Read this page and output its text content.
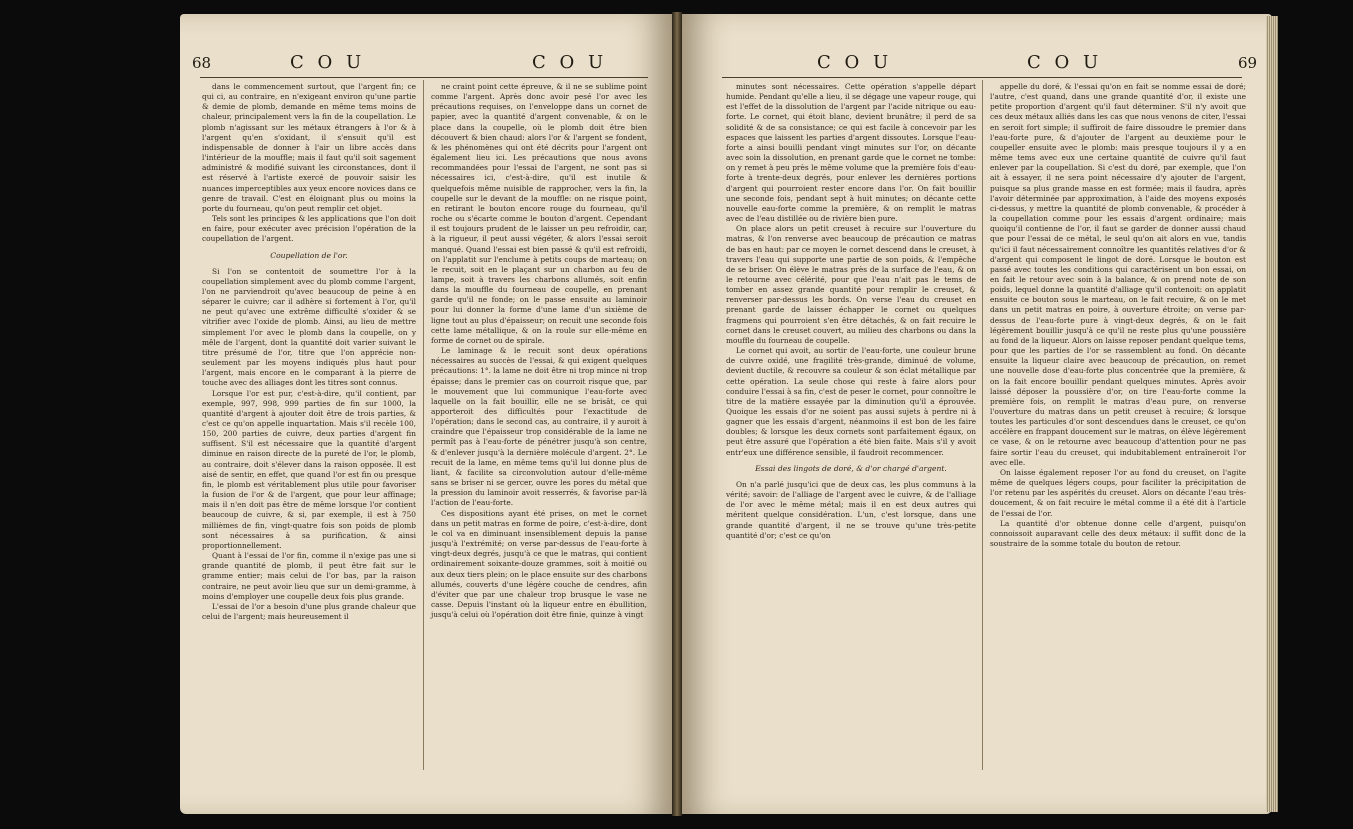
68	C O U	C O U

dans le commencement surtout, que l'argent fin; ce qui ci, au contraire, en n'exigeant environ qu'une partie & demie de plomb, demande en même tems moins de chaleur, principalement vers la fin de la coupellation. Le plomb n'agissant sur les métaux étrangers à l'or & à l'argent qu'en s'oxidant, il s'ensuit qu'il est indispensable de donner à l'air un libre accès dans l'intérieur de la mouffle; mais il faut qu'il soit sagement administré & modifié suivant les circonstances, dont il est réservé à l'artiste exercé de pouvoir saisir les nuances imperceptibles aux yeux encore novices dans ce genre de travail. C'est en éloignant plus ou moins la porte du fourneau, qu'on peut remplir cet objet.

Tels sont les principes & les applications que l'on doit en faire, pour exécuter avec précision l'opération de la coupellation de l'argent.

Coupellation de l'or.

Si l'on se contentoit de soumettre l'or à la coupellation simplement avec du plomb comme l'argent, l'on ne parviendroit qu'avec beaucoup de peine à en séparer le cuivre; car il adhère si fortement à l'or, qu'il ne peut qu'avec une extrême difficulté s'oxider & se vitrifier avec l'oxide de plomb. Ainsi, au lieu de mettre simplement l'or avec le plomb dans la coupelle, on y mêle de l'argent, dont la quantité doit varier suivant le titre présumé de l'or, titre que l'on apprécie non-seulement par les moyens indiqués plus haut pour l'argent, mais encore en le comparant à la pierre de touche avec des alliages dont les titres sont connus.

Lorsque l'or est pur, c'est-à-dire, qu'il contient, par exemple, 997, 998, 999 parties de fin sur 1000, la quantité d'argent à ajouter doit être de trois parties, & c'est ce qu'on appelle inquartation. Mais s'il recèle 100, 150, 200 parties de cuivre, deux parties d'argent fin suffisent. S'il est nécessaire que la quantité d'argent diminue en raison directe de la pureté de l'or, le plomb, au contraire, doit s'élever dans la raison opposée. Il est aisé de sentir, en effet, que quand l'or est fin ou presque fin, le plomb est véritablement plus utile pour favoriser la fusion de l'or & de l'argent, que pour leur affinage; mais il n'en doit pas être de même lorsque l'or contient beaucoup de cuivre, & si, par exemple, il est à 750 millièmes de fin, vingt-quatre fois son poids de plomb sont nécessaires à sa purification, & ainsi proportionnellement.

Quant à l'essai de l'or fin, comme il n'exige pas une si grande quantité de plomb, il peut être fait sur le gramme entier; mais celui de l'or bas, par la raison contraire, ne peut avoir lieu que sur un demi-gramme, à moins d'employer une coupelle deux fois plus grande.

L'essai de l'or a besoin d'une plus grande chaleur que celui de l'argent; mais heureusement il

ne craint point cette épreuve, & il ne se sublime point comme l'argent. Après donc avoir pesé l'or avec les précautions requises, on l'enveloppe dans un cornet de papier, avec la quantité d'argent convenable, & on le place dans la coupelle, où le plomb doit être bien découvert & bien chaud: alors l'or & l'argent se fondent, & les phénomènes qui ont été décrits pour l'argent ont également lieu ici. Les précautions que nous avons recommandées pour l'essai de l'argent, ne sont pas si nécessaires ici, c'est-à-dire, qu'il est inutile & quelquefois même nuisible de rapprocher, vers la fin, la coupelle sur le devant de la mouffle: on ne risque point, en retirant le bouton encore rouge du fourneau, qu'il roche ou s'écarte comme le bouton d'argent. Cependant il est toujours prudent de le laisser un peu refroidir, car, à la rigueur, il peut aussi végéter, & alors l'essai seroit manqué. Quand l'essai est bien passé & qu'il est refroidi, on l'applatit sur l'enclume à petits coups de marteau; on le recuit, soit en le plaçant sur un charbon au feu de lampe, soit à travers les charbons allumés, soit enfin dans la mouffle du fourneau de coupelle, en prenant garde qu'il ne fonde; on le passe ensuite au laminoir pour lui donner la forme d'une lame d'un sixième de ligne tout au plus d'épaisseur; on recuit une seconde fois cette lame métallique, & on la roule sur elle-même en forme de cornet ou de spirale.

Le laminage & le recuit sont deux opérations nécessaires au succès de l'essai, & qui exigent quelques précautions: 1°. la lame ne doit être ni trop mince ni trop épaisse; dans le premier cas on courroit risque que, par le mouvement que lui communique l'eau-forte avec laquelle on la fait bouillir, elle ne se brisât, ce qui apporteroit des difficultés pour l'exactitude de l'opération; dans le second cas, au contraire, il y auroit à craindre que l'épaisseur trop considérable de la lame ne permît pas à l'eau-forte de pénétrer jusqu'à son centre, & d'enlever jusqu'à la dernière molécule d'argent. 2°. Le recuit de la lame, en même tems qu'il lui donne plus de liant, & facilite sa circonvolution autour d'elle-même sans se briser ni se gercer, ouvre les pores du métal que la pression du laminoir avoit resserrés, & favorise par-là l'action de l'eau-forte.

Ces dispositions ayant été prises, on met le cornet dans un petit matras en forme de poire, c'est-à-dire, dont le col va en diminuant insensiblement depuis la panse jusqu'à l'extrémité; on verse par-dessus de l'eau-forte à vingt-deux degrés, jusqu'à ce que le matras, qui contient ordinairement soixante-douze grammes, soit à moitié ou aux deux tiers plein; on le place ensuite sur des charbons allumés, couverts d'une légère couche de cendres, afin d'éviter que par une chaleur trop brusque le vase ne casse. Depuis l'instant où la liqueur entre en ébullition, jusqu'à celui où l'opération doit être finie, quinze à vingt

C O U	C O U	69

minutes sont nécessaires. Cette opération s'appelle départ humide. Pendant qu'elle a lieu, il se dégage une vapeur rouge, qui est l'effet de la dissolution de l'argent par l'acide nitrique ou eau-forte. Le cornet, qui étoit blanc, devient brunâtre; il perd de sa solidité & de sa consistance; ce qui est facile à concevoir par les espaces que laissent les parties d'argent dissoutes. Lorsque l'eau-forte a ainsi bouilli pendant vingt minutes sur l'or, on décante avec soin la dissolution, en prenant garde que le cornet ne tombe: on y remet à peu près le même volume que la première fois d'eau-forte à trente-deux degrés, pour enlever les dernières portions d'argent qui pourroient rester encore dans l'or. On fait bouillir une seconde fois, pendant sept à huit minutes; on décante cette nouvelle eau-forte comme la première, & on remplit le matras avec de l'eau distillée ou de rivière bien pure.

On place alors un petit creuset à recuire sur l'ouverture du matras, & l'on renverse avec beaucoup de précaution ce matras de bas en haut: par ce moyen le cornet descend dans le creuset, à travers l'eau qui supporte une partie de son poids, & l'empêche de se briser. On élève le matras près de la surface de l'eau, & on le retourne avec célérité, pour que l'eau n'ait pas le tems de tomber en assez grande quantité pour remplir le creuset, & renverser par-dessus les bords. On verse l'eau du creuset en prenant garde de laisser échapper le cornet ou quelques fragmens qui pourroient s'en être détachés, & on fait recuire le cornet dans le creuset couvert, au milieu des charbons ou dans la mouffle du fourneau de coupelle.

Le cornet qui avoit, au sortir de l'eau-forte, une couleur brune de cuivre oxidé, une fragilité très-grande, diminué de volume, devient ductile, & recouvre sa couleur & son éclat métallique par cette opération. La seule chose qui reste à faire alors pour conduire l'essai à sa fin, c'est de peser le cornet, pour connoître le titre de la matière essayée par la diminution qu'il a éprouvée. Quoique les essais d'or ne soient pas aussi sujets à perdre ni à gagner que les essais d'argent, néanmoins il est bon de les faire doubles; & lorsque les deux cornets sont parfaitement égaux, on peut être assuré que l'opération a été bien faite. Mais s'il y avoit entr'eux une différence sensible, il faudroit recommencer.

Essai des lingots de doré, & d'or chargé d'argent.

On n'a parlé jusqu'ici que de deux cas, les plus communs à la vérité; savoir: de l'alliage de l'argent avec le cuivre, & de l'alliage de l'or avec le même métal; mais il en est deux autres qui méritent quelque considération. L'un, c'est lorsque, dans une grande quantité d'argent, il ne se trouve qu'une très-petite quantité d'or; c'est ce qu'on

appelle du doré, & l'essai qu'on en fait se nomme essai de doré; l'autre, c'est quand, dans une grande quantité d'or, il existe une petite proportion d'argent qu'il faut déterminer. S'il n'y avoit que ces deux métaux alliés dans les cas que nous venons de citer, l'essai en seroit fort simple; il suffiroit de faire dissoudre le premier dans l'eau-forte pure, & d'ajouter de l'argent au deuxième pour le coupeller ensuite avec le plomb: mais presque toujours il y a en même tems avec eux une certaine quantité de cuivre qu'il faut enlever par la coupellation. Si c'est du doré, par exemple, que l'on ait à essayer, il ne sera point nécessaire d'y ajouter de l'argent, puisque sa plus grande masse en est formée; mais il faudra, après l'avoir déterminée par approximation, à l'aide des moyens exposés ci-dessus, y mettre la quantité de plomb convenable, & procéder à la coupellation comme pour les essais d'argent ordinaire; mais quoiqu'il contienne de l'or, il faut se garder de donner aussi chaud que pour l'essai de ce métal, le seul qu'on ait alors en vue, tandis qu'ici il faut nécessairement connoître les quantités relatives d'or & d'argent qui composent le lingot de doré. Lorsque le bouton est passé avec toutes les conditions qui caractérisent un bon essai, on en fait le retour avec soin à la balance, & on prend note de son poids, lequel donne la quantité d'alliage qu'il contenoit: on applatit ensuite ce bouton sous le marteau, on le fait recuire, & on le met dans un petit matras en poire, à ouverture étroite; on verse par-dessus de l'eau-forte pure à vingt-deux degrés, & on le fait légèrement bouillir jusqu'à ce qu'il ne reste plus qu'une poussière au fond de la liqueur. Alors on laisse reposer pendant quelque tems, pour que les parties de l'or se rassemblent au fond. On décante ensuite la liqueur claire avec beaucoup de précaution, on remet une nouvelle dose d'eau-forte plus concentrée que la première, & on la fait encore bouillir pendant quelques minutes. Après avoir laissé déposer la poussière d'or, on tire l'eau-forte comme la première fois, on remplit le matras d'eau pure, on renverse l'ouverture du matras dans un petit creuset à recuire; & lorsque toutes les particules d'or sont descendues dans le creuset, ce qu'on accélère en frappant doucement sur le matras, on élève légèrement ce vase, & on le retourne avec beaucoup d'attention pour ne pas faire sortir l'eau du creuset, qui indubitablement entraîneroit l'or avec elle.

On laisse également reposer l'or au fond du creuset, on l'agite même de quelques légers coups, pour faciliter la précipitation de l'or retenu par les aspérités du creuset. Alors on décante l'eau très-doucement, & on fait recuire le métal comme il a été dit à l'article de l'essai de l'or.

La quantité d'or obtenue donne celle d'argent, puisqu'on connoissoit auparavant celle des deux métaux: il suffit donc de la soustraire de la somme totale du bouton de retour.
